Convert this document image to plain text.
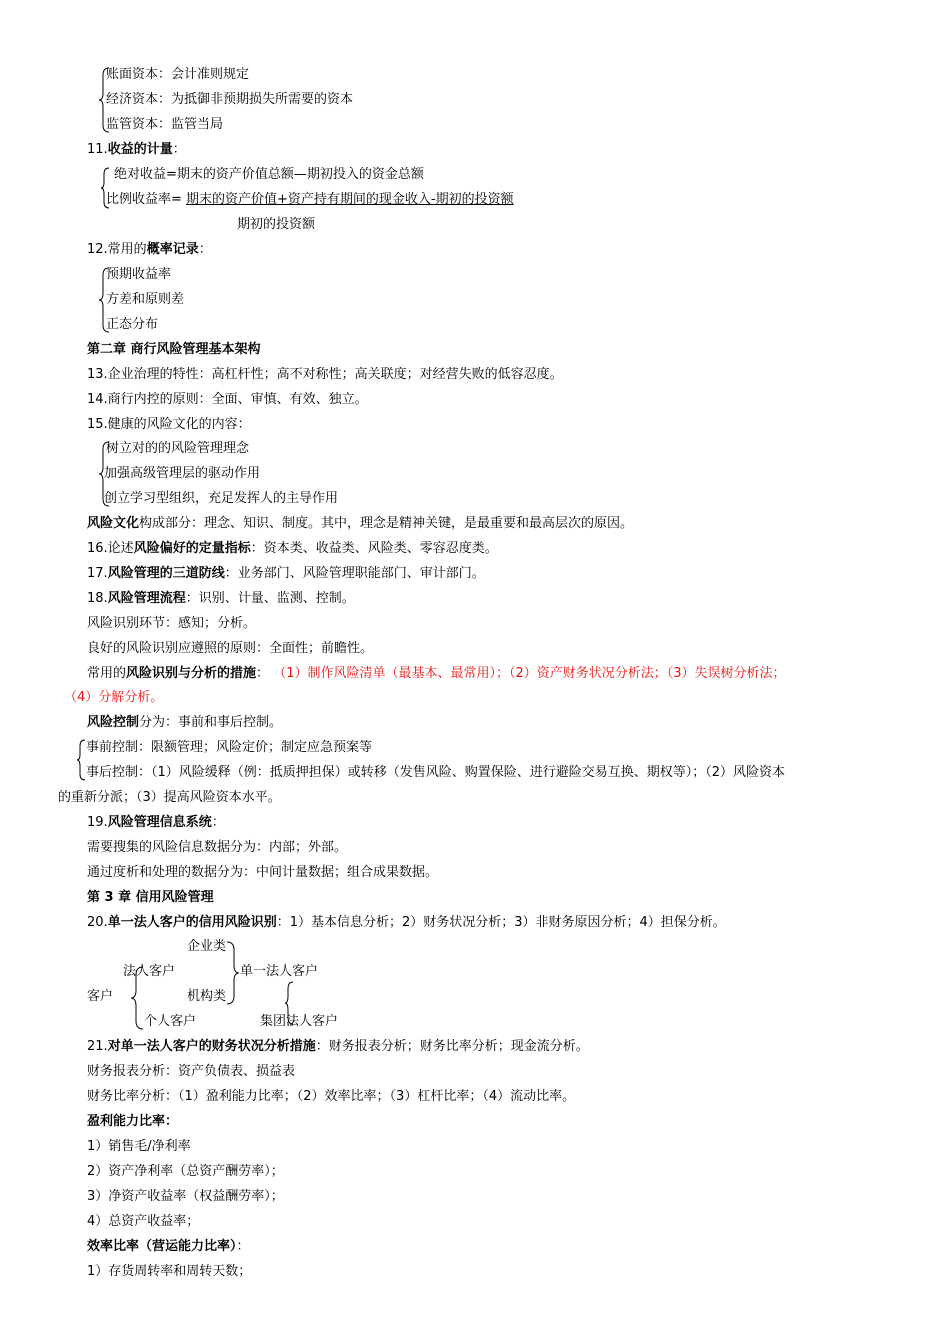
账面资本：会计准则规定
经济资本：为抵御非预期损失所需要的资本
监管资本：监管当局
11.收益的计量：
绝对收益=期末的资产价值总额—期初投入的资金总额
比例收益率= 期末的资产价值+资产持有期间的现金收入-期初的投资额
期初的投资额
12.常用的概率记录：
预期收益率
方差和原则差
正态分布
第二章 商行风险管理基本架构
13.企业治理的特性：高杠杆性；高不对称性；高关联度；对经营失败的低容忍度。
14.商行内控的原则：全面、审慎、有效、独立。
15.健康的风险文化的内容：
树立对的的风险管理理念
加强高级管理层的驱动作用
创立学习型组织，充足发挥人的主导作用
风险文化构成部分：理念、知识、制度。其中，理念是精神关键，是最重要和最高层次的原因。
16.论述风险偏好的定量指标：资本类、收益类、风险类、零容忍度类。
17.风险管理的三道防线：业务部门、风险管理职能部门、审计部门。
18.风险管理流程：识别、计量、监测、控制。
风险识别环节：感知；分析。
良好的风险识别应遵照的原则：全面性；前瞻性。
常用的风险识别与分析的措施： （1）制作风险清单（最基本、最常用）；（2）资产财务状况分析法；（3）失误树分析法；
（4）分解分析。
风险控制分为：事前和事后控制。
事前控制：限额管理；风险定价；制定应急预案等
事后控制：（1）风险缓释（例：抵质押担保）或转移（发售风险、购置保险、进行避险交易互换、期权等）；（2）风险资本
的重新分派；（3）提高风险资本水平。
19.风险管理信息系统：
需要搜集的风险信息数据分为：内部；外部。
通过度析和处理的数据分为：中间计量数据；组合成果数据。
第 3 章 信用风险管理
20.单一法人客户的信用风险识别：1）基本信息分析；2）财务状况分析；3）非财务原因分析；4）担保分析。
企业类
法人客户	单一法人客户
客户	机构类
个人客户	集团法人客户
21.对单一法人客户的财务状况分析措施：财务报表分析；财务比率分析；现金流分析。
财务报表分析：资产负债表、损益表
财务比率分析：（1）盈利能力比率；（2）效率比率；（3）杠杆比率；（4）流动比率。
盈利能力比率：
1）销售毛/净利率
2）资产净利率（总资产酬劳率）；
3）净资产收益率（权益酬劳率）；
4）总资产收益率；
效率比率（营运能力比率）：
1）存货周转率和周转天数；
